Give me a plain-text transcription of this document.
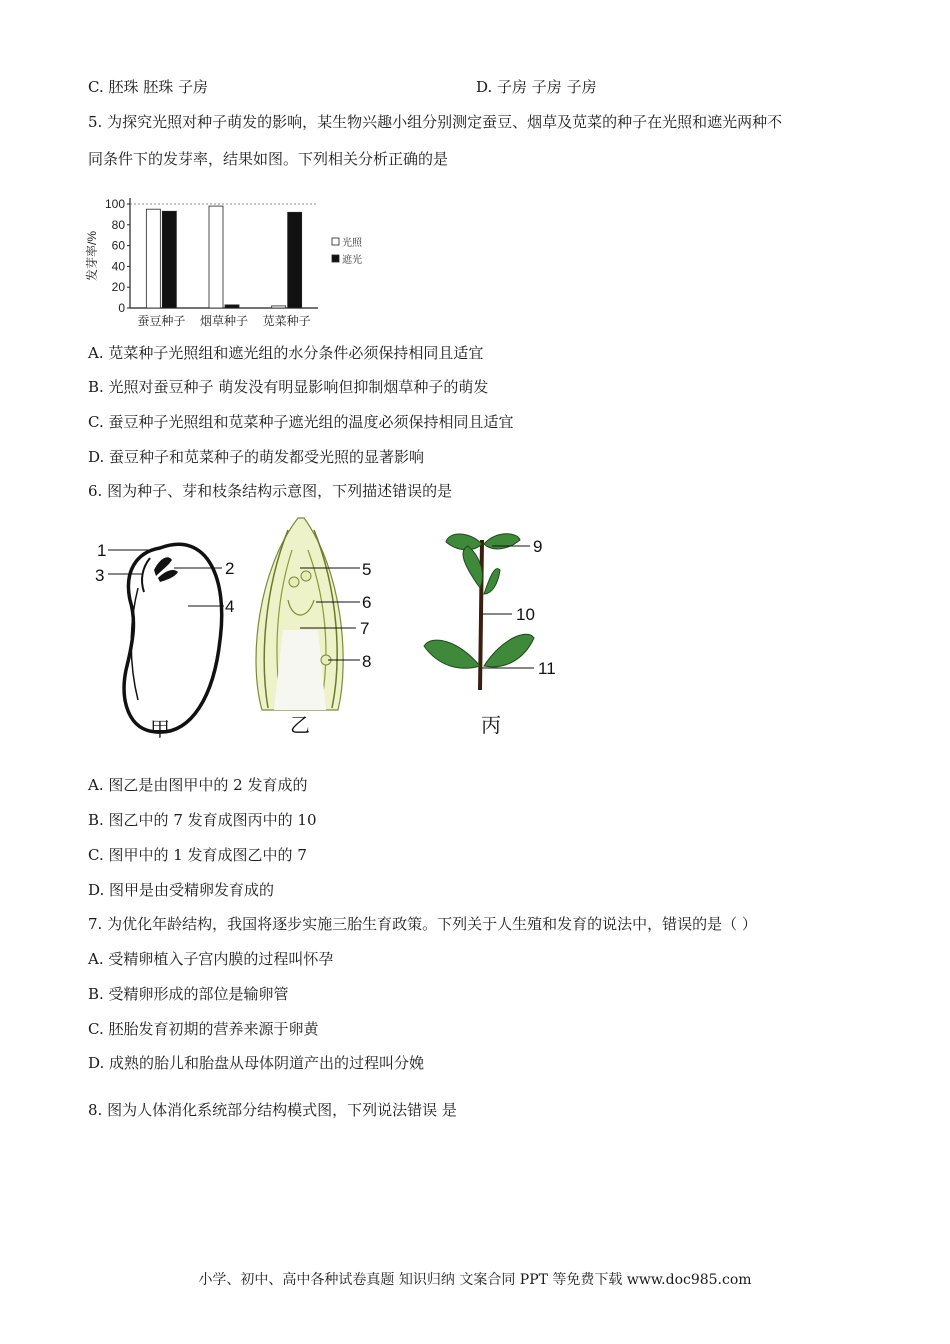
C. 胚珠 胚珠 子房	D. 子房 子房 子房
5. 为探究光照对种子萌发的影响，某生物兴趣小组分别测定蚕豆、烟草及苋菜的种子在光照和遮光两种不
同条件下的发芽率，结果如图。下列相关分析正确的是
0
20
40
60
80
100
发芽率/%
蚕豆种子 烟草种子 苋菜种子
光照
遮光
A. 苋菜种子光照组和遮光组的水分条件必须保持相同且适宜
B. 光照对蚕豆种子 萌发没有明显影响但抑制烟草种子的萌发
C. 蚕豆种子光照组和苋菜种子遮光组的温度必须保持相同且适宜
D. 蚕豆种子和苋菜种子的萌发都受光照的显著影响
6. 图为种子、芽和枝条结构示意图，下列描述错误的是
1
3	2
4
5
6
7
8
9
10
11
甲	乙	丙
A. 图乙是由图甲中的 2 发育成的
B. 图乙中的 7 发育成图丙中的 10
C. 图甲中的 1 发育成图乙中的 7
D. 图甲是由受精卵发育成的
7. 为优化年龄结构，我国将逐步实施三胎生育政策。下列关于人生殖和发育的说法中，错误的是（ ）
A. 受精卵植入子宫内膜的过程叫怀孕
B. 受精卵形成的部位是输卵管
C. 胚胎发育初期的营养来源于卵黄
D. 成熟的胎儿和胎盘从母体阴道产出的过程叫分娩
8. 图为人体消化系统部分结构模式图，下列说法错误 是
小学、初中、高中各种试卷真题 知识归纳 文案合同 PPT 等免费下载 www.doc985.com
